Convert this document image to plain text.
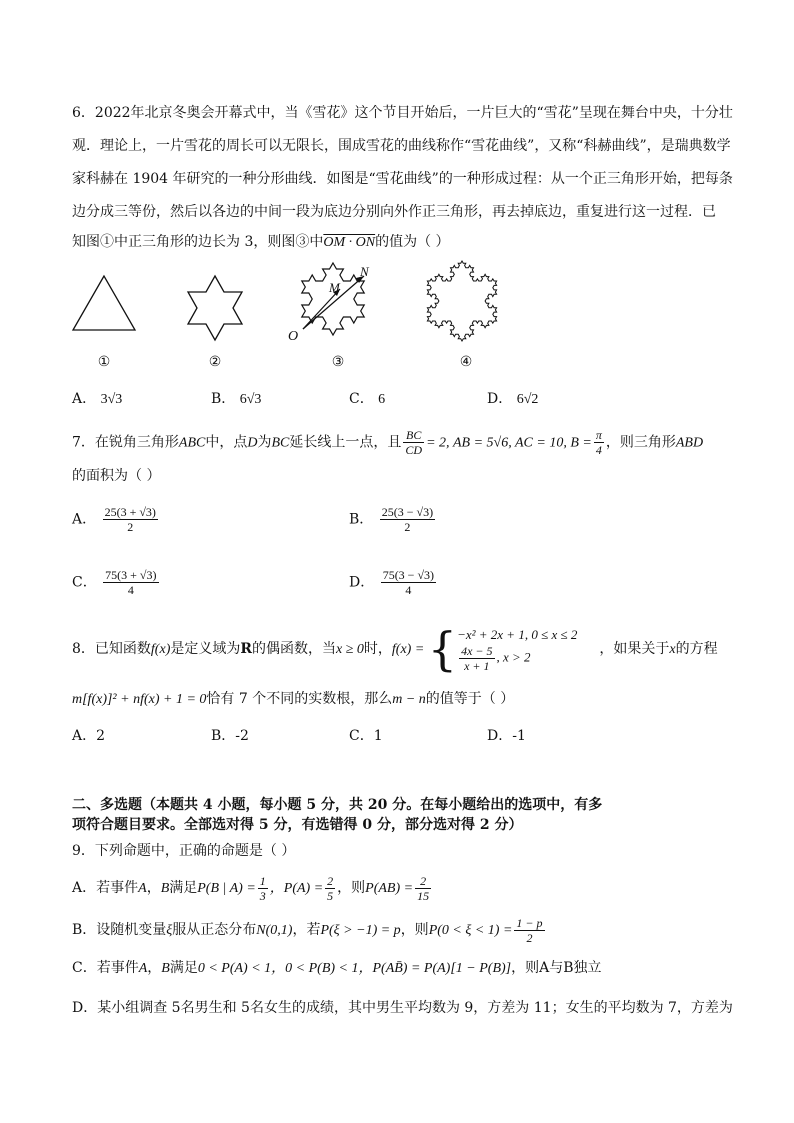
6．2022年北京冬奥会开幕式中，当《雪花》这个节目开始后，一片巨大的“雪花”呈现在舞台中央，十分壮
观．理论上，一片雪花的周长可以无限长，围成雪花的曲线称作“雪花曲线”，又称“科赫曲线”，是瑞典数学
家科赫在 1904 年研究的一种分形曲线．如图是“雪花曲线”的一种形成过程：从一个正三角形开始，把每条
边分成三等份，然后以各边的中间一段为底边分别向外作正三角形，再去掉底边，重复进行这一过程．已
知图①中正三角形的边长为 3，则图③中OM · ON的值为（ ）
O
M
N
①	②	③	④
A． 3√3	B． 6√3	C． 6	D． 6√2
7．在锐角三角形ABC中，点D为BC延长线上一点，且 $\frac{BC}{CD} = 2$, AB = 5√6, AC = 10, $B = \frac{\pi}{4}$ ，则三角形ABD
的面积为（ ）
A． $\frac{25(3 + √3)}{2}$	B． $\frac{25(3 - √3)}{2}$
C． $\frac{75(3 + √3)}{4}$	D． $\frac{75(3 - √3)}{4}$
8．已知函数f(x)是定义域为R的偶函数，当x ≥ 0时，f(x) = { −x² + 2x + 1, 0 ≤ x ≤ 2
$\frac{4x - 5}{x + 1}$ , x > 2	，如果关于x的方程
m[f(x)]² + nf(x) + 1 = 0恰有 7 个不同的实数根，那么m − n的值等于（ ）
A．2	B．-2	C．1	D．-1
二、多选题（本题共 4 小题，每小题 5 分，共 20 分。在每小题给出的选项中，有多
项符合题目要求。全部选对得 5 分，有选错得 0 分，部分选对得 2 分）
9．下列命题中，正确的命题是（ ）
A．若事件A，B满足P(B | $A) = \frac{1}{3}$ ，$P(A) = \frac{2}{5}$ ，则$P(AB) = \frac{2}{15}$
B．设随机变量ξ服从正态分布N(0,1)，若P(ξ > −1) = p，则$P(0 < \xi < 1) = \frac{1 - p}{2}$
C．若事件A，B满足0 < P(A) < 1，0 < P(B) < 1，P(AB̄) = P(A)[1 − P(B)]，则A与B独立
D．某小组调查 5名男生和 5名女生的成绩，其中男生平均数为 9，方差为 11；女生的平均数为 7，方差为
